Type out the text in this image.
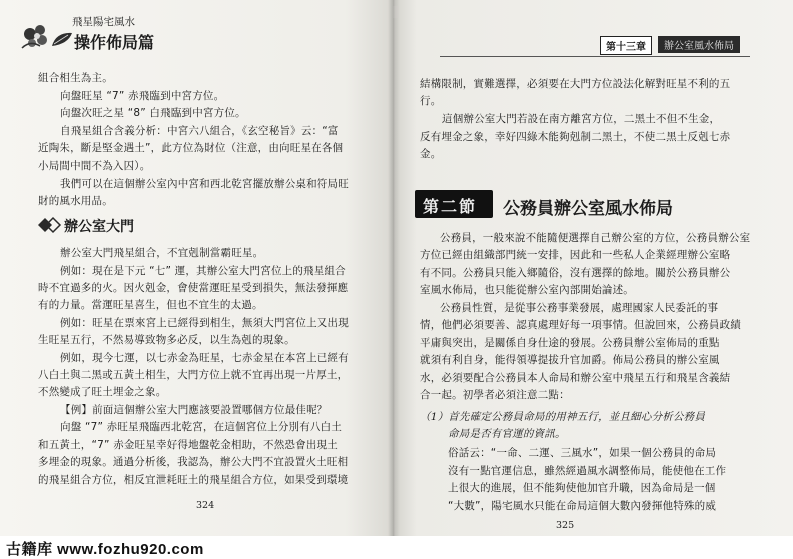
飛星陽宅風水
操作佈局篇
組合相生為主。
向盤旺星 “7” 赤飛臨到中宮方位。
向盤次旺之星 “8” 白飛臨到中宮方位。
自飛星組合含義分析：中宮六八組合，《玄空秘旨》云：“富
近陶朱，斷是堅金遇土”，此方位為財位（注意，由向旺星在各個
小局間中間不為入囚）。
我們可以在這個辦公室內中宮和西北乾宮擺放辦公桌和符局旺
財的風水用品。
辦公室大門
辦公室大門飛星組合，不宜剋制當霸旺星。
例如：現在是下元 “七” 運，其辦公室大門宮位上的飛星組合
時不宜過多的火。因火剋金，會使當運旺星受到損失，無法發揮應
有的力量。當運旺星喜生，但也不宜生的太過。
例如：旺星在票來宮上已經得到相生，無須大門宮位上又出現
生旺星五行，不然易導致物多必反，以生為剋的現象。
例如，現今七運，以七赤金為旺星，七赤金星在本宮上已經有
八白土與二黑或五黃土相生，大門方位上就不宜再出現一片厚土，
不然變成了旺土埋金之象。
【例】前面這個辦公室大門應該要設置哪個方位最佳呢？
向盤 “7” 赤旺星飛臨西北乾宮，在這個宮位上分別有八白土
和五黃土，“7” 赤金旺星幸好得地盤乾金相助，不然恐會出現土
多埋金的現象。通過分析後，我認為，辦公大門不宜設置火土旺相
的飛星組合方位，相反宜泄耗旺土的飛星組合方位，如果受到環境
324
第十三章	辦公室風水佈局
結構限制，實難選擇，必須要在大門方位設法化解對旺星不利的五
行。
這個辦公室大門若設在南方離宮方位，二黑土不但不生金，
反有埋金之象，幸好四綠木能夠剋制二黑土，不使二黑土反剋七赤
金。
第二節 公務員辦公室風水佈局
公務員，一般來說不能隨便選擇自己辦公室的方位，公務員辦公室
方位已經由組織部門統一安排，因此和一些私人企業經理辦公室略
有不同。公務員只能入鄉隨俗，沒有選擇的餘地。關於公務員辦公
室風水佈局，也只能從辦公室內部開始論述。
公務員性質，是從事公務事業發展，處理國家人民委託的事
情，他們必須要善、認真處理好每一項事情。但說回來，公務員政績
平庸與突出，是關係自身仕途的發展。公務員辦公室佈局的重點
就須有利自身，能得領導提拔升官加爵。佈局公務員的辦公室風
水，必須要配合公務員本人命局和辦公室中飛星五行和飛星含義結
合一起。初學者必須注意二點：
（1）首先確定公務員命局的用神五行，並且細心分析公務員
命局是否有官運的資訊。
俗話云：“一命、二運、三風水”，如果一個公務員的命局
沒有一點官運信息，雖然經過風水調整佈局，能使他在工作
上很大的進展，但不能夠使他加官升職，因為命局是一個
“大數”，陽宅風水只能在命局這個大數內發揮他特殊的威
325
古籍库 www.fozhu920.com
